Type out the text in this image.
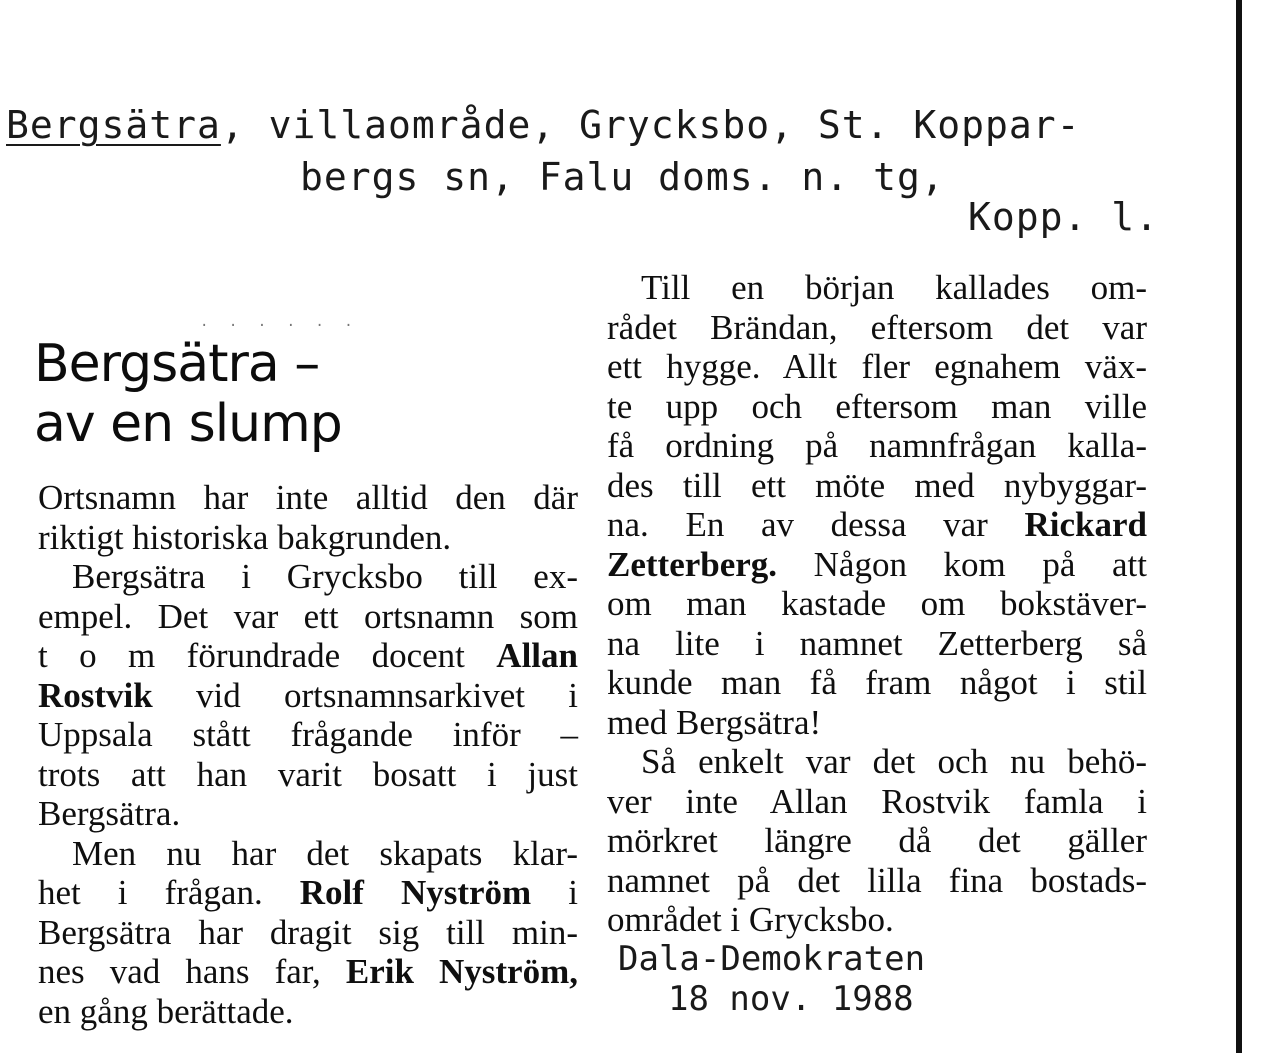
Bergsätra, villaområde, Grycksbo, St. Koppar-
bergs sn, Falu doms. n. tg,
Kopp. l.
· · · · · ·
Bergsätra –
av en slump
Ortsnamn har inte alltid den där
riktigt historiska bakgrunden.
Bergsätra i Grycksbo till ex-
empel. Det var ett ortsnamn som
t o m förundrade docent Allan
Rostvik vid ortsnamnsarkivet i
Uppsala stått frågande inför –
trots att han varit bosatt i just
Bergsätra.
Men nu har det skapats klar-
het i frågan. Rolf Nyström i
Bergsätra har dragit sig till min-
nes vad hans far, Erik Nyström,
en gång berättade.
Till en början kallades om-
rådet Brändan, eftersom det var
ett hygge. Allt fler egnahem väx-
te upp och eftersom man ville
få ordning på namnfrågan kalla-
des till ett möte med nybyggar-
na. En av dessa var Rickard
Zetterberg. Någon kom på att
om man kastade om bokstäver-
na lite i namnet Zetterberg så
kunde man få fram något i stil
med Bergsätra!
Så enkelt var det och nu behö-
ver inte Allan Rostvik famla i
mörkret längre då det gäller
namnet på det lilla fina bostads-
området i Grycksbo.
Dala-Demokraten
18 nov. 1988
